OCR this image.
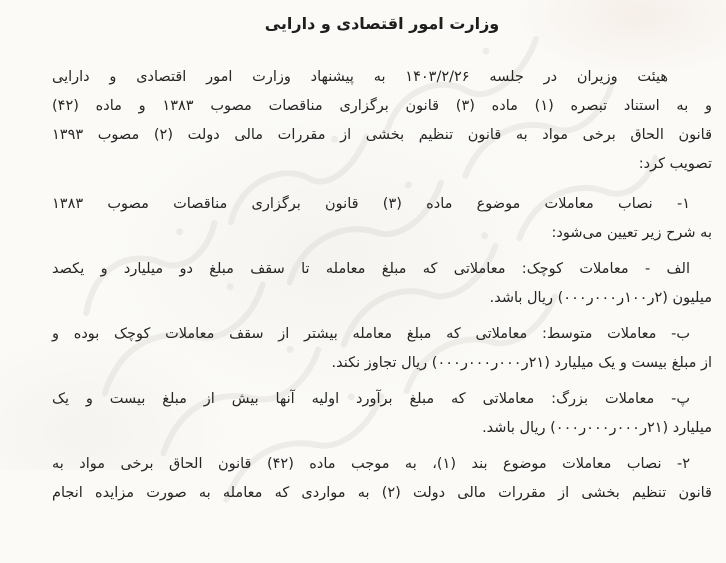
وزارت امور اقتصادی و دارایی
هیئت وزیران در جلسه ۱۴۰۳/۲/۲۶ به پیشنهاد وزارت امور اقتصادی و دارایی
و به استناد تبصره (۱) ماده (۳) قانون برگزاری مناقصات مصوب ۱۳۸۳ و ماده (۴۲)
قانون الحاق برخی مواد به قانون تنظیم بخشی از مقررات مالی دولت (۲) مصوب ۱۳۹۳
تصویب کرد:
۱- نصاب معاملات موضوع ماده (۳) قانون برگزاری مناقصات مصوب ۱۳۸۳
به شرح زیر تعیین می‌شود:
الف - معاملات کوچک: معاملاتی که مبلغ معامله تا سقف مبلغ دو میلیارد و یکصد
میلیون (۲ر۱۰۰ر۰۰۰ر۰۰۰) ریال باشد.
ب- معاملات متوسط: معاملاتی که مبلغ معامله بیشتر از سقف معاملات کوچک بوده و
از مبلغ بیست و یک میلیارد (۲۱ر۰۰۰ر۰۰۰ر۰۰۰) ریال تجاوز نکند.
پ- معاملات بزرگ: معاملاتی که مبلغ برآورد اولیه آنها بیش از مبلغ بیست و یک
میلیارد (۲۱ر۰۰۰ر۰۰۰ر۰۰۰) ریال باشد.
۲- نصاب معاملات موضوع بند (۱)، به موجب ماده (۴۲) قانون الحاق برخی مواد به
قانون تنظیم بخشی از مقررات مالی دولت (۲) به مواردی که معامله به صورت مزایده انجام
